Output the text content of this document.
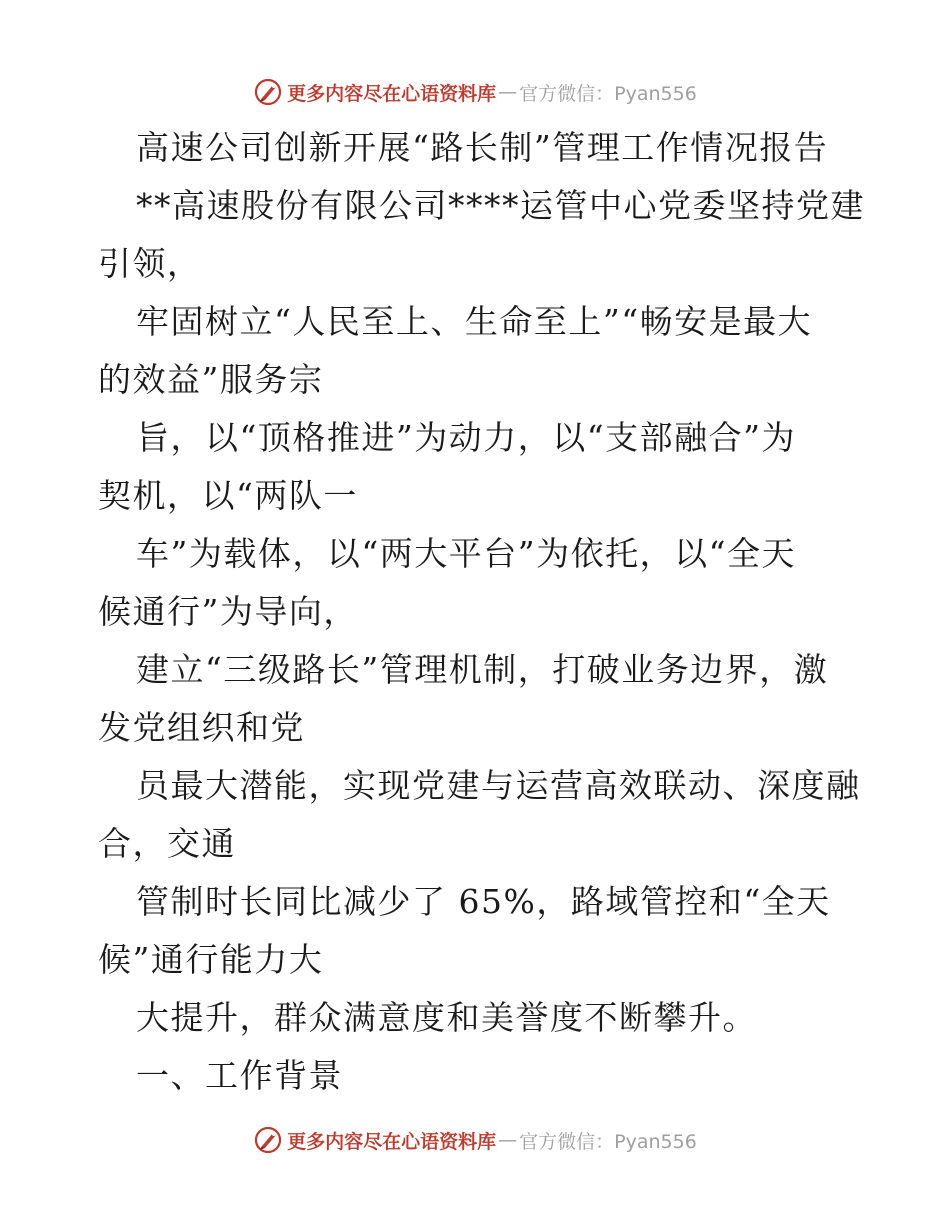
更多内容尽在心语资料库 — 官方微信：Pyan556
高速公司创新开展“路长制”管理工作情况报告
**高速股份有限公司****运管中心党委坚持党建
引领，
牢固树立“人民至上、生命至上”“畅安是最大
的效益”服务宗
旨，以“顶格推进”为动力，以“支部融合”为
契机，以“两队一
车”为载体，以“两大平台”为依托，以“全天
候通行”为导向，
建立“三级路长”管理机制，打破业务边界，激
发党组织和党
员最大潜能，实现党建与运营高效联动、深度融
合，交通
管制时长同比减少了 65%，路域管控和“全天
候”通行能力大
大提升，群众满意度和美誉度不断攀升。
一、工作背景
更多内容尽在心语资料库 — 官方微信：Pyan556
